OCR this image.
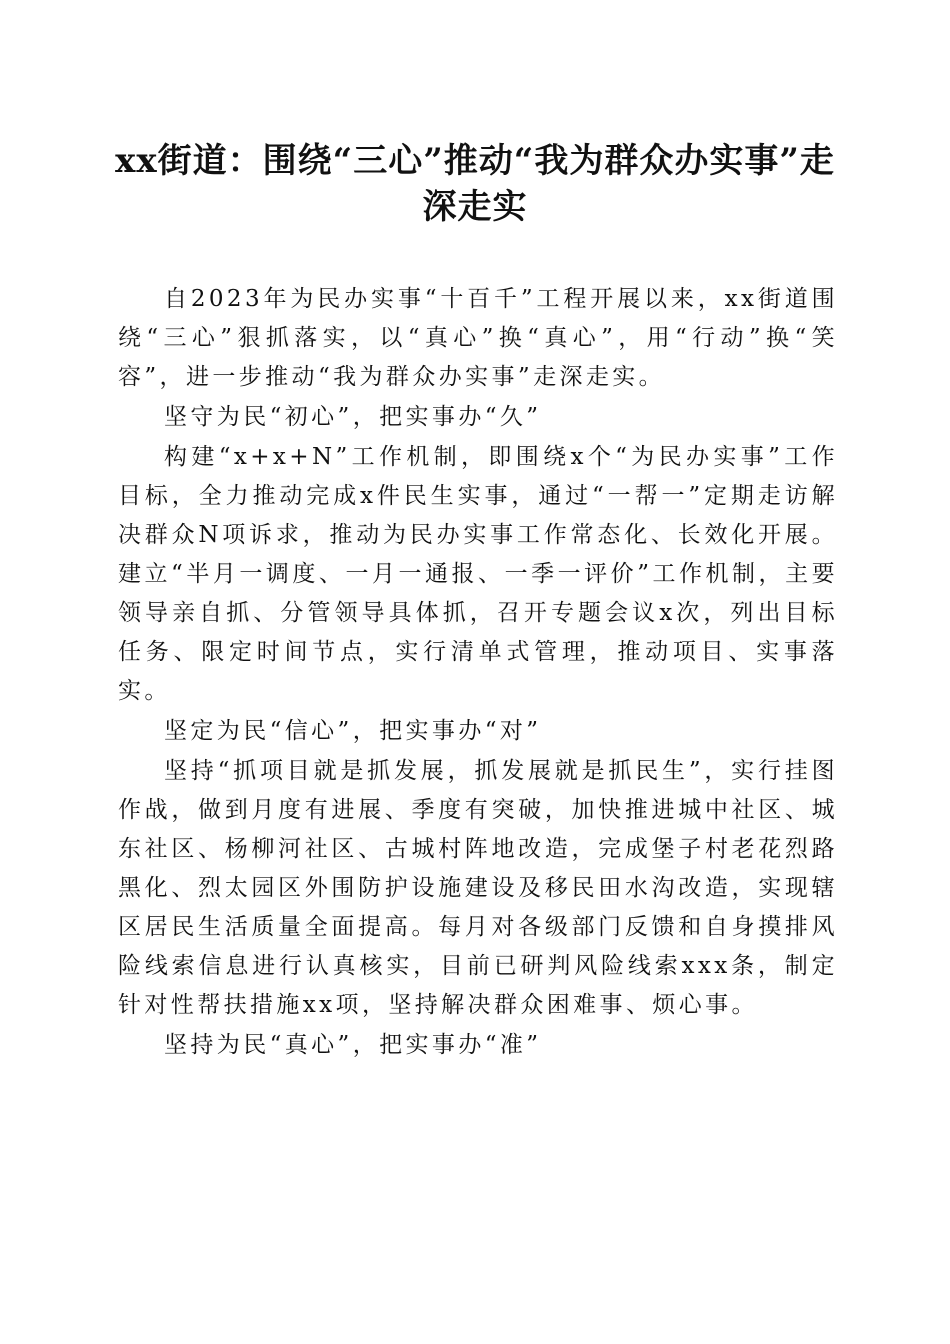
xx街道：围绕“三心”推动“我为群众办实事”走深走实

自2023年为民办实事“十百千”工程开展以来，xx街道围绕“三心”狠抓落实，以“真心”换“真心”，用“行动”换“笑容”，进一步推动“我为群众办实事”走深走实。

坚守为民“初心”，把实事办“久”

构建“x+x+N”工作机制，即围绕x个“为民办实事”工作目标，全力推动完成x件民生实事，通过“一帮一”定期走访解决群众N项诉求，推动为民办实事工作常态化、长效化开展。建立“半月一调度、一月一通报、一季一评价”工作机制，主要领导亲自抓、分管领导具体抓，召开专题会议x次，列出目标任务、限定时间节点，实行清单式管理，推动项目、实事落实。

坚定为民“信心”，把实事办“对”

坚持“抓项目就是抓发展，抓发展就是抓民生”，实行挂图作战，做到月度有进展、季度有突破，加快推进城中社区、城东社区、杨柳河社区、古城村阵地改造，完成堡子村老花烈路黑化、烈太园区外围防护设施建设及移民田水沟改造，实现辖区居民生活质量全面提高。每月对各级部门反馈和自身摸排风险线索信息进行认真核实，目前已研判风险线索xxx条，制定针对性帮扶措施xx项，坚持解决群众困难事、烦心事。

坚持为民“真心”，把实事办“准”
